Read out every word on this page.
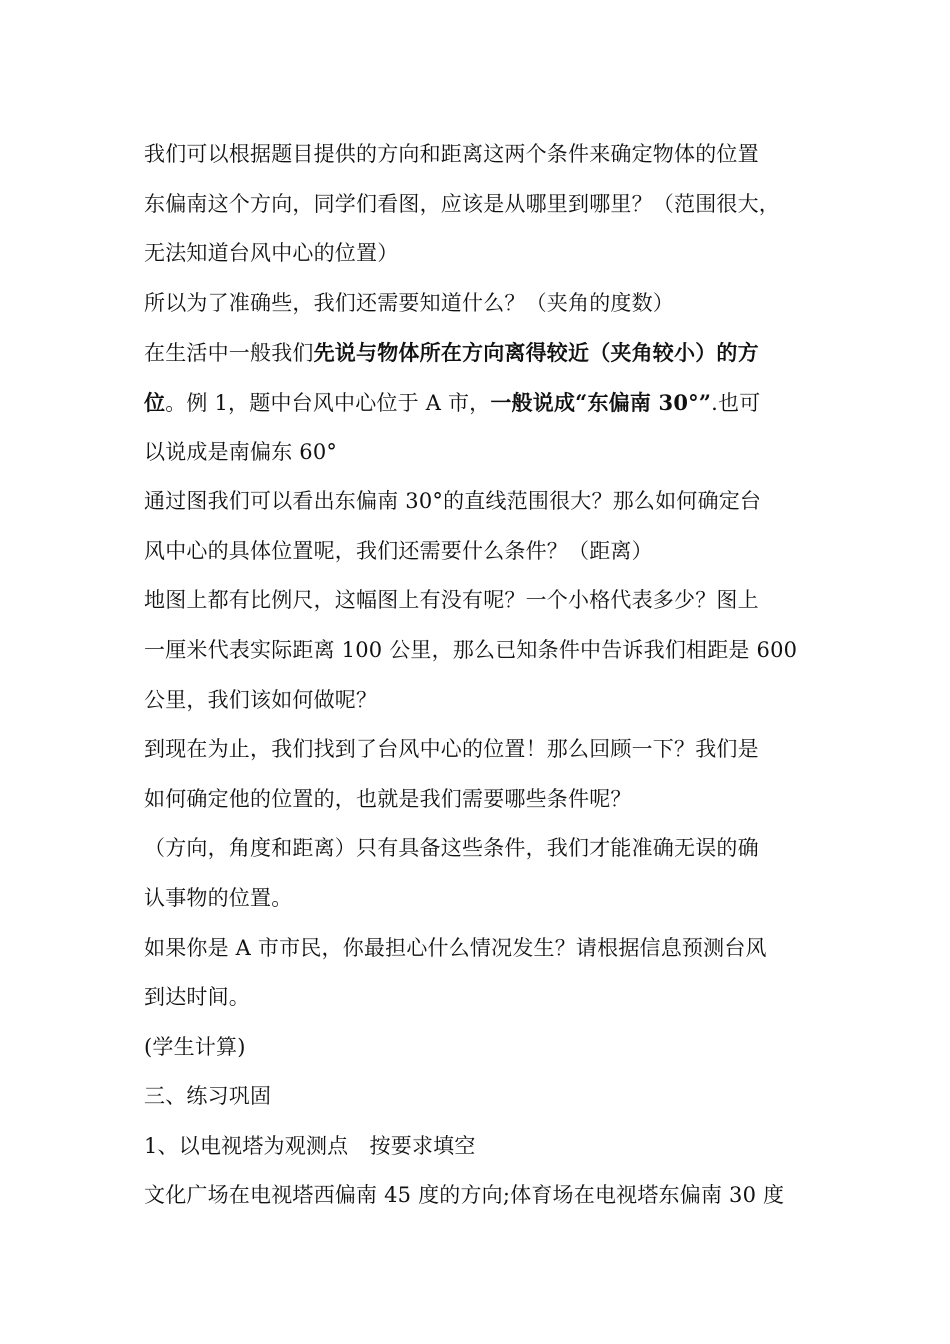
我们可以根据题目提供的方向和距离这两个条件来确定物体的位置
东偏南这个方向，同学们看图，应该是从哪里到哪里？（范围很大，
无法知道台风中心的位置）
所以为了准确些，我们还需要知道什么？（夹角的度数）
在生活中一般我们先说与物体所在方向离得较近（夹角较小）的方
位。例 1，题中台风中心位于 A 市，一般说成“东偏南 30°”.也可
以说成是南偏东 60°
通过图我们可以看出东偏南 30°的直线范围很大？那么如何确定台
风中心的具体位置呢，我们还需要什么条件？（距离）
地图上都有比例尺，这幅图上有没有呢？一个小格代表多少？图上
一厘米代表实际距离 100 公里，那么已知条件中告诉我们相距是 600
公里，我们该如何做呢？
到现在为止，我们找到了台风中心的位置！那么回顾一下？我们是
如何确定他的位置的，也就是我们需要哪些条件呢？
（方向，角度和距离）只有具备这些条件，我们才能准确无误的确
认事物的位置。
如果你是 A 市市民，你最担心什么情况发生？请根据信息预测台风
到达时间。
(学生计算)
三、练习巩固
1、以电视塔为观测点　按要求填空
文化广场在电视塔西偏南 45 度的方向;体育场在电视塔东偏南 30 度
